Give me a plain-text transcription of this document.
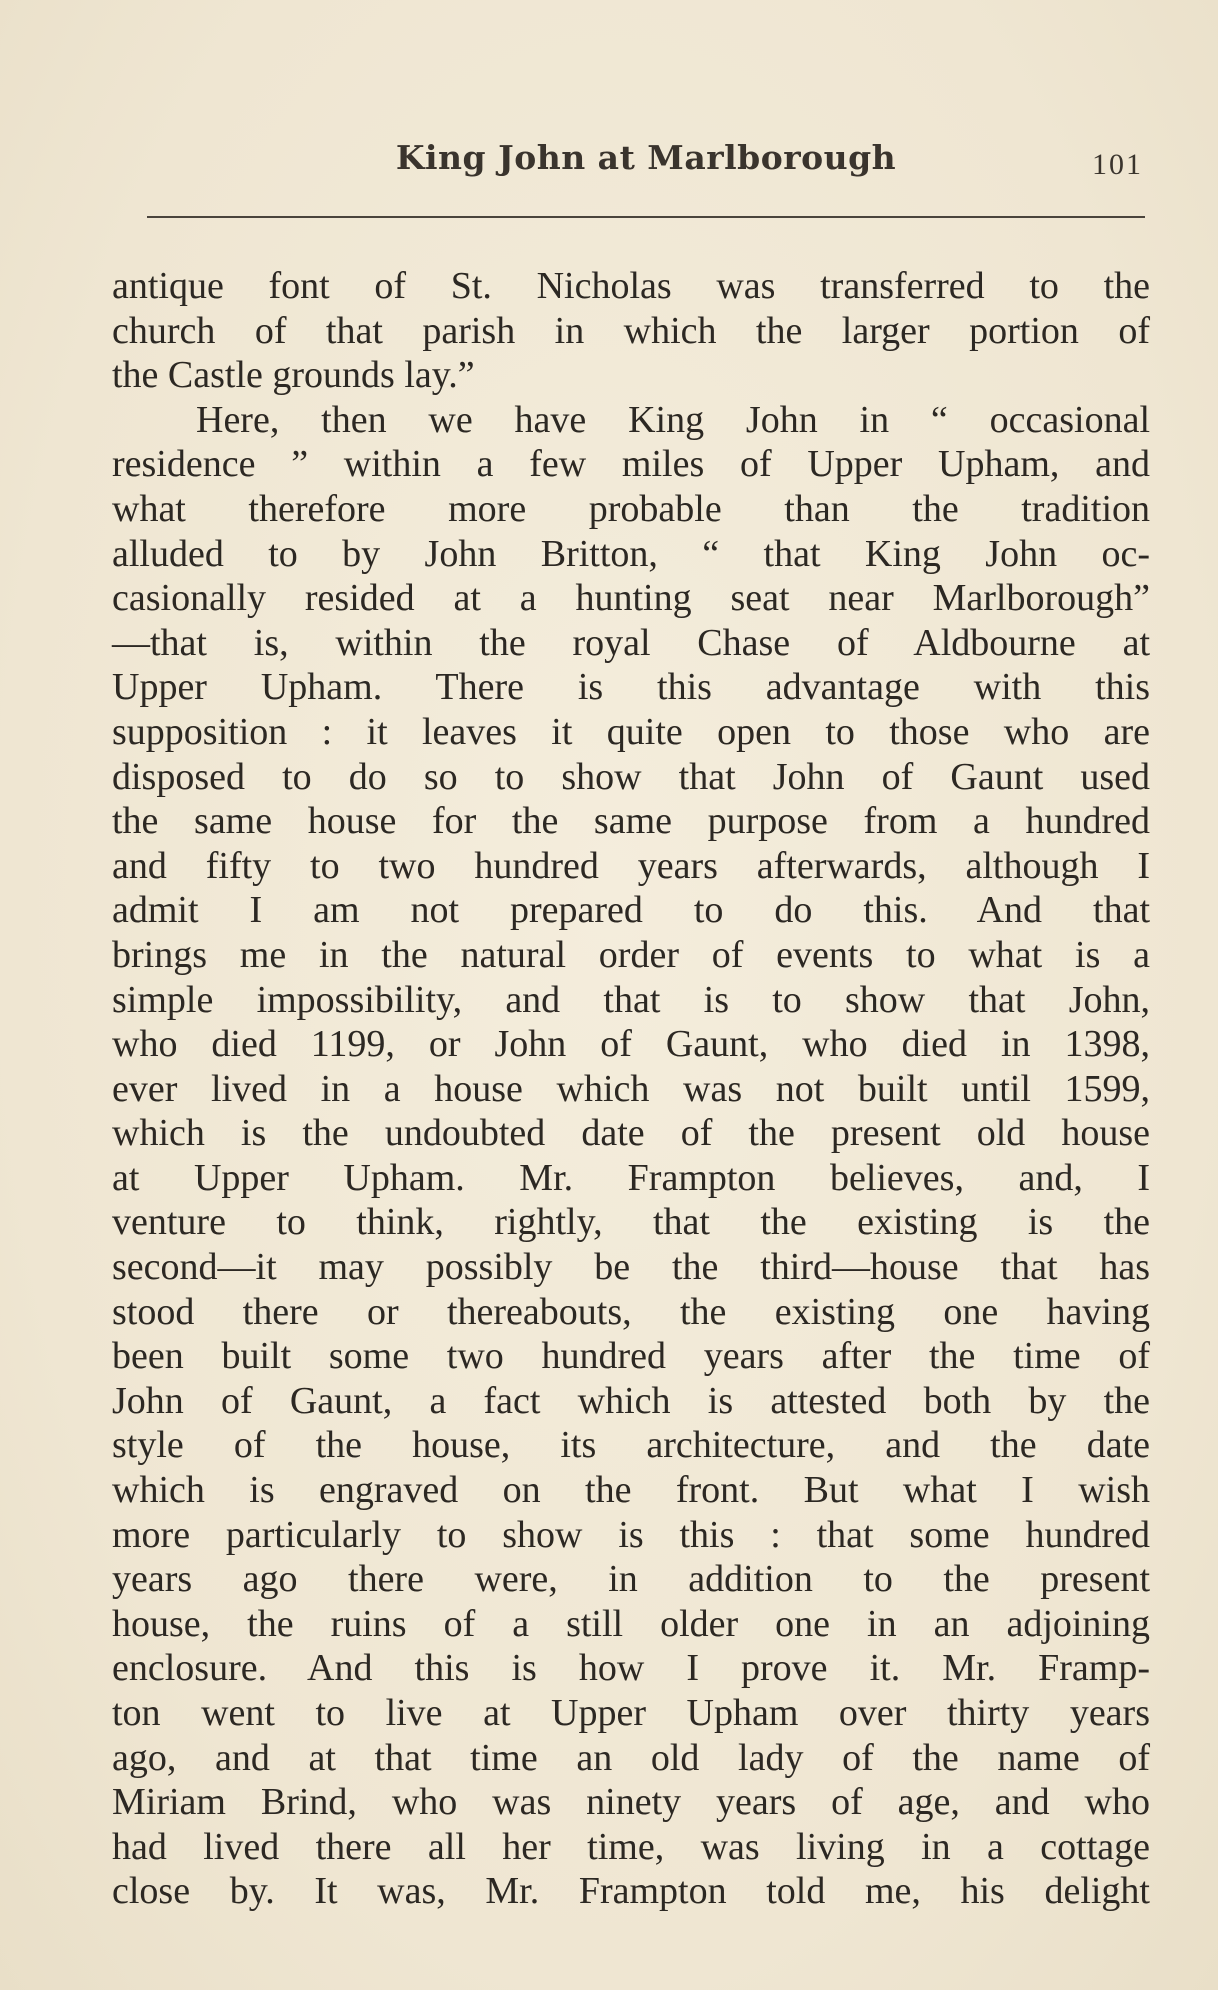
King John at Marlborough	101
antique font of St. Nicholas was transferred to the
church of that parish in which the larger portion of
the Castle grounds lay.”
Here, then we have King John in “ occasional
residence ” within a few miles of Upper Upham, and
what therefore more probable than the tradition
alluded to by John Britton, “ that King John oc-
casionally resided at a hunting seat near Marlborough”
—that is, within the royal Chase of Aldbourne at
Upper Upham. There is this advantage with this
supposition : it leaves it quite open to those who are
disposed to do so to show that John of Gaunt used
the same house for the same purpose from a hundred
and fifty to two hundred years afterwards, although I
admit I am not prepared to do this. And that
brings me in the natural order of events to what is a
simple impossibility, and that is to show that John,
who died 1199, or John of Gaunt, who died in 1398,
ever lived in a house which was not built until 1599,
which is the undoubted date of the present old house
at Upper Upham. Mr. Frampton believes, and, I
venture to think, rightly, that the existing is the
second—it may possibly be the third—house that has
stood there or thereabouts, the existing one having
been built some two hundred years after the time of
John of Gaunt, a fact which is attested both by the
style of the house, its architecture, and the date
which is engraved on the front. But what I wish
more particularly to show is this : that some hundred
years ago there were, in addition to the present
house, the ruins of a still older one in an adjoining
enclosure. And this is how I prove it. Mr. Framp-
ton went to live at Upper Upham over thirty years
ago, and at that time an old lady of the name of
Miriam Brind, who was ninety years of age, and who
had lived there all her time, was living in a cottage
close by. It was, Mr. Frampton told me, his delight
